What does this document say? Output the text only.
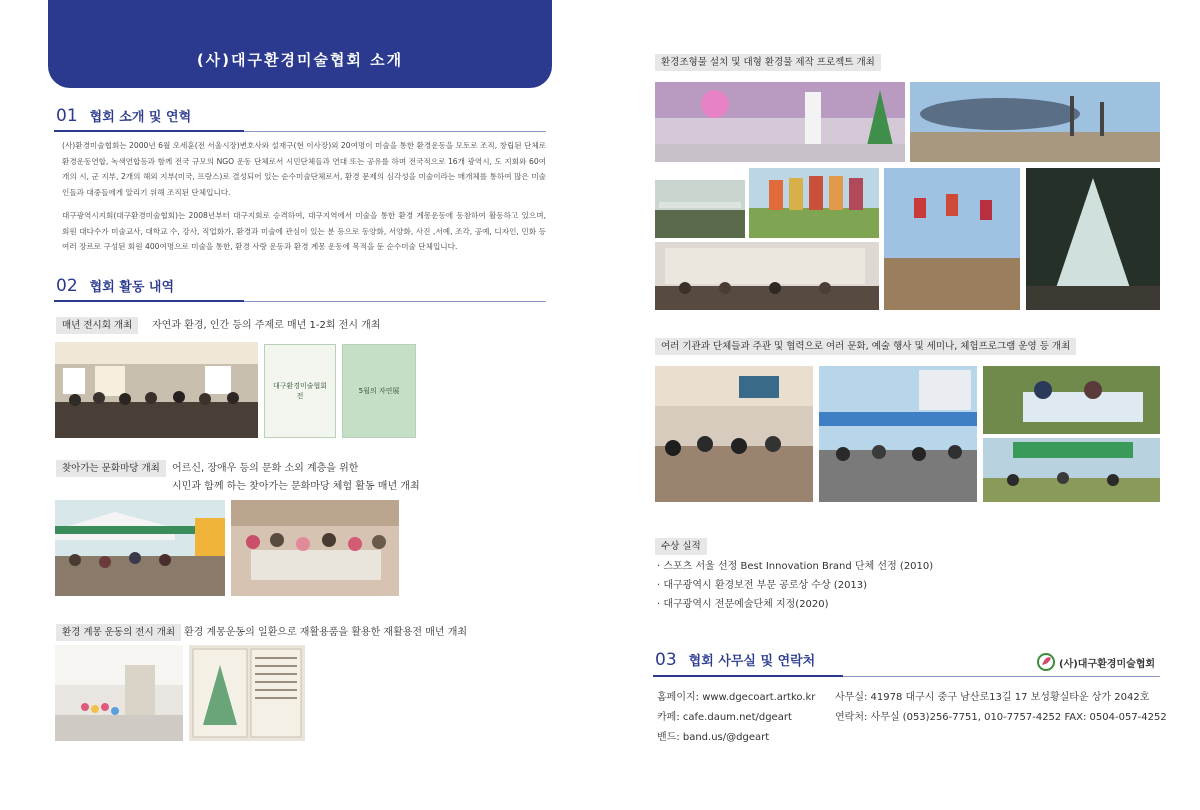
(사)대구환경미술협회 소개
01 협회 소개 및 연혁
(사)환경미술협회는 2000년 6월 오세훈(전 서울시장)변호사와 설재구(현 이사장)외 20여명이 미술을 통한 환경운동을 모토로 조직, 창립된 단체로 환경운동연합, 녹색연합등과 함께 전국 규모의 NGO 운동 단체로서 시민단체들과 연대 또는 공유를 하며 전국적으로 16개 광역시, 도 지회와 60여개의 시, 군 지부, 2개의 해외 지부(미국, 프랑스)로 결성되어 있는 순수미술단체로서, 환경 문제의 심각성을 미술이라는 매개체를 통하여 많은 미술인들과 대중들에게 알리기 위해 조직된 단체입니다.
대구광역시지회(대구환경미술협회)는 2008년부터 대구지회로 승격하여, 대구지역에서 미술을 통한 환경 계몽운동에 동참하여 활동하고 있으며, 회원 대다수가 미술교사, 대학교 수, 강사, 직업화가, 환경과 미술에 관심이 있는 분 등으로 동양화, 서양화, 사진 ,서예, 조각, 공예, 디자인, 민화 등 여러 장르로 구성된 회원 400여명으로 미술을 통한, 환경 사랑 운동과 환경 계몽 운동에 목적을 둔 순수미술 단체입니다.
02 협회 활동 내역
매년 전시회 개최	자연과 환경, 인간 등의 주제로 매년 1-2회 전시 개최
대구환경미술협회전
5월의 자연展
찾아가는 문화마당 개최	어르신, 장애우 등의 문화 소외 계층을 위한
시민과 함께 하는 찾아가는 문화마당 체험 활동 매년 개최
환경 계몽 운동의 전시 개최 환경 계몽운동의 일환으로 재활용품을 활용한 재활용전 매년 개최
환경조형물 설치 및 대형 환경물 제작 프로젝트 개최
여러 기관과 단체들과 주관 및 협력으로 여러 문화, 예술 행사 및 세미나, 체험프로그램 운영 등 개최
수상 실적
· 스포츠 서울 선정 Best Innovation Brand 단체 선정 (2010)
· 대구광역시 환경보전 부문 공로상 수상 (2013)
· 대구광역시 전문예술단체 지정(2020)
03 협회 사무실 및 연락처	(사)대구환경미술협회
홈페이지: www.dgecoart.artko.kr
카페: cafe.daum.net/dgeart
밴드: band.us/@dgeart
사무실: 41978 대구시 중구 남산로13길 17 보성황실타운 상가 2042호
연락처: 사무실 (053)256-7751, 010-7757-4252 FAX: 0504-057-4252
